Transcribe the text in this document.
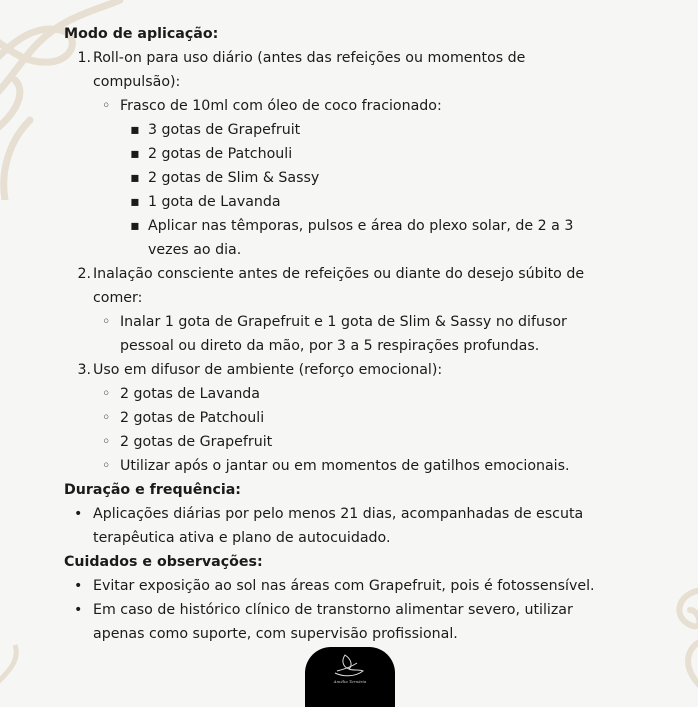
Modo de aplicação:
1. Roll-on para uso diário (antes das refeições ou momentos de
compulsão):
◦ Frasco de 10ml com óleo de coco fracionado:
▪ 3 gotas de Grapefruit
▪ 2 gotas de Patchouli
▪ 2 gotas de Slim & Sassy
▪ 1 gota de Lavanda
▪ Aplicar nas têmporas, pulsos e área do plexo solar, de 2 a 3
vezes ao dia.
2. Inalação consciente antes de refeições ou diante do desejo súbito de
comer:
◦ Inalar 1 gota de Grapefruit e 1 gota de Slim & Sassy no difusor
pessoal ou direto da mão, por 3 a 5 respirações profundas.
3. Uso em difusor de ambiente (reforço emocional):
◦ 2 gotas de Lavanda
◦ 2 gotas de Patchouli
◦ 2 gotas de Grapefruit
◦ Utilizar após o jantar ou em momentos de gatilhos emocionais.
Duração e frequência:
• Aplicações diárias por pelo menos 21 dias, acompanhadas de escuta
terapêutica ativa e plano de autocuidado.
Cuidados e observações:
• Evitar exposição ao sol nas áreas com Grapefruit, pois é fotossensível.
• Em caso de histórico clínico de transtorno alimentar severo, utilizar
apenas como suporte, com supervisão profissional.
Amélia Ternária
